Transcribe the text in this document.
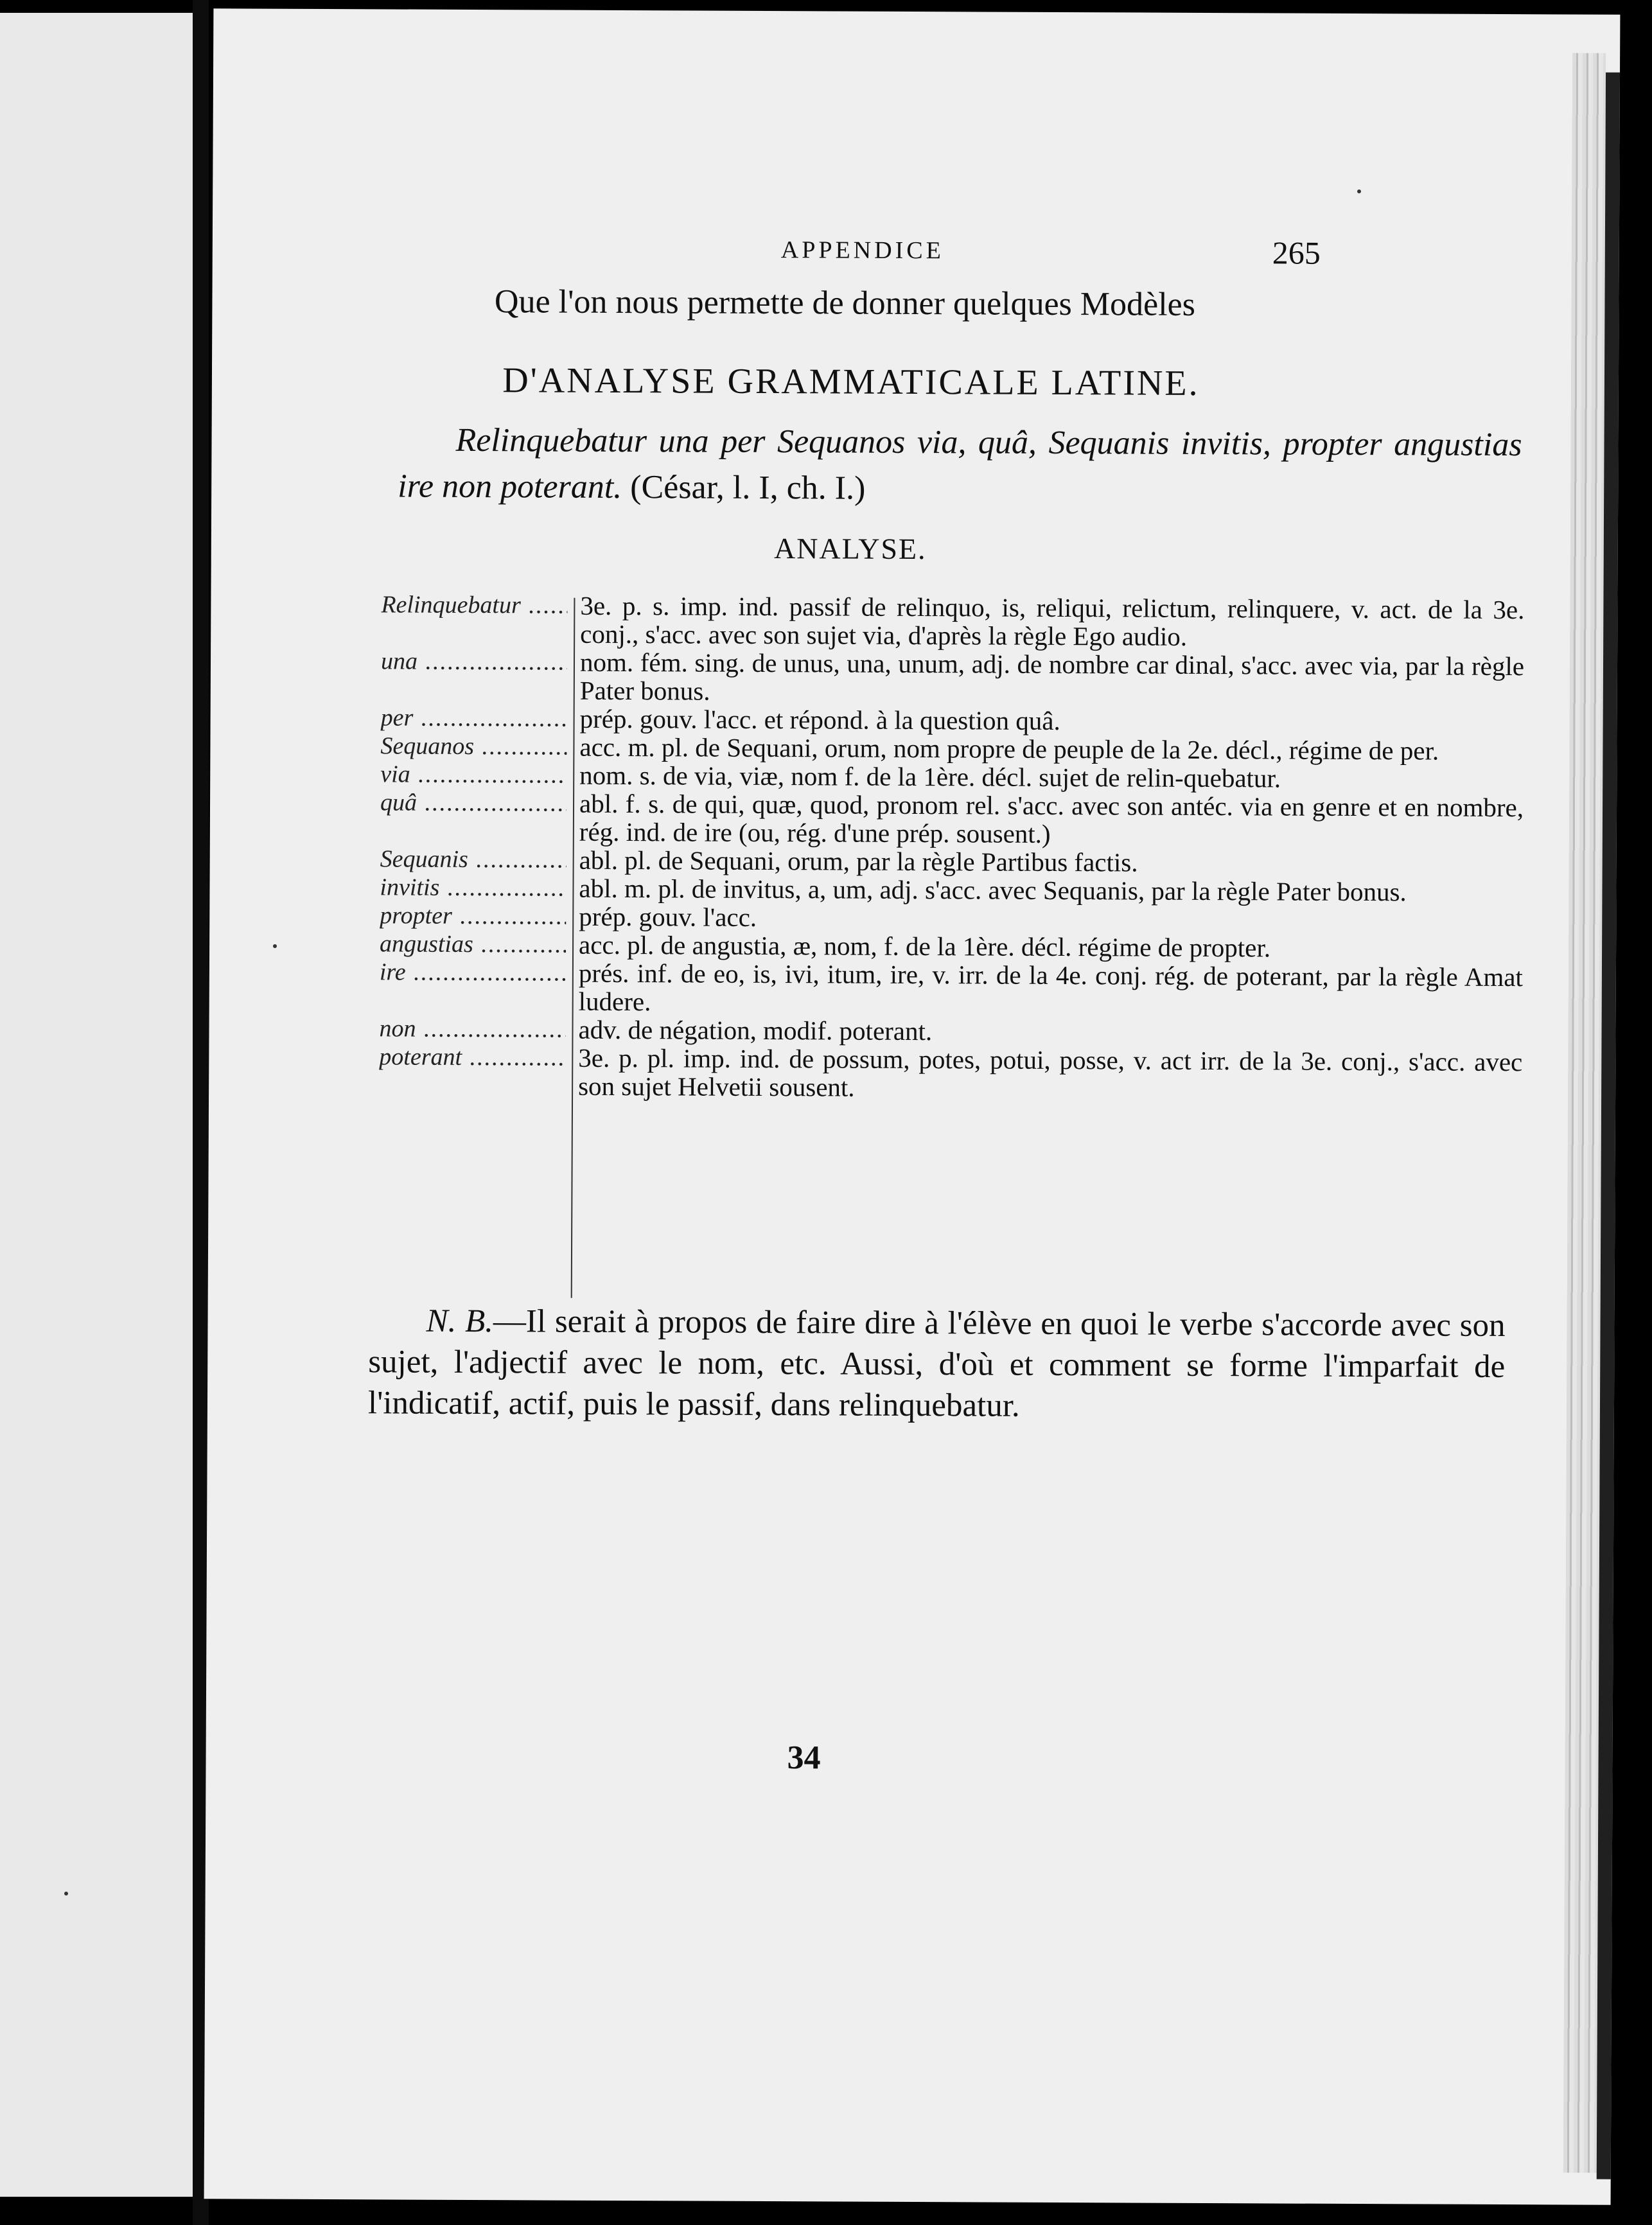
APPENDICE	265
Que l'on nous permette de donner quelques Modèles
D'ANALYSE GRAMMATICALE LATINE.
Relinquebatur una per Sequanos via, quâ, Sequanis invitis, propter angustias ire non poterant. (César, l. I, ch. I.)
ANALYSE.
Relinquebatur .....	3e. p. s. imp. ind. passif de relinquo, is, reliqui, relictum, relinquere, v. act. de la 3e. conj., s'acc. avec son sujet via, d'après la règle Ego audio.
una .....	nom. fém. sing. de unus, una, unum, adj. de nombre car dinal, s'acc. avec via, par la règle Pater bonus.
per .....	prép. gouv. l'acc. et répond. à la question quâ.
Sequanos .....	acc. m. pl. de Sequani, orum, nom propre de peuple de la 2e. décl., régime de per.
via .....	nom. s. de via, viæ, nom f. de la 1ère. décl. sujet de relin-quebatur.
quâ .....	abl. f. s. de qui, quæ, quod, pronom rel. s'acc. avec son antéc. via en genre et en nombre, rég. ind. de ire (ou, rég. d'une prép. sousent.)
Sequanis .....	abl. pl. de Sequani, orum, par la règle Partibus factis.
invitis .....	abl. m. pl. de invitus, a, um, adj. s'acc. avec Sequanis, par la règle Pater bonus.
propter .....	prép. gouv. l'acc.
angustias .....	acc. pl. de angustia, æ, nom, f. de la 1ère. décl. régime de propter.
ire .....	prés. inf. de eo, is, ivi, itum, ire, v. irr. de la 4e. conj. rég. de poterant, par la règle Amat ludere.
non .....	adv. de négation, modif. poterant.
poterant .....	3e. p. pl. imp. ind. de possum, potes, potui, posse, v. act irr. de la 3e. conj., s'acc. avec son sujet Helvetii sousent.
N. B.—Il serait à propos de faire dire à l'élève en quoi le verbe s'accorde avec son sujet, l'adjectif avec le nom, etc. Aussi, d'où et comment se forme l'imparfait de l'indicatif, actif, puis le passif, dans relinquebatur.
34
